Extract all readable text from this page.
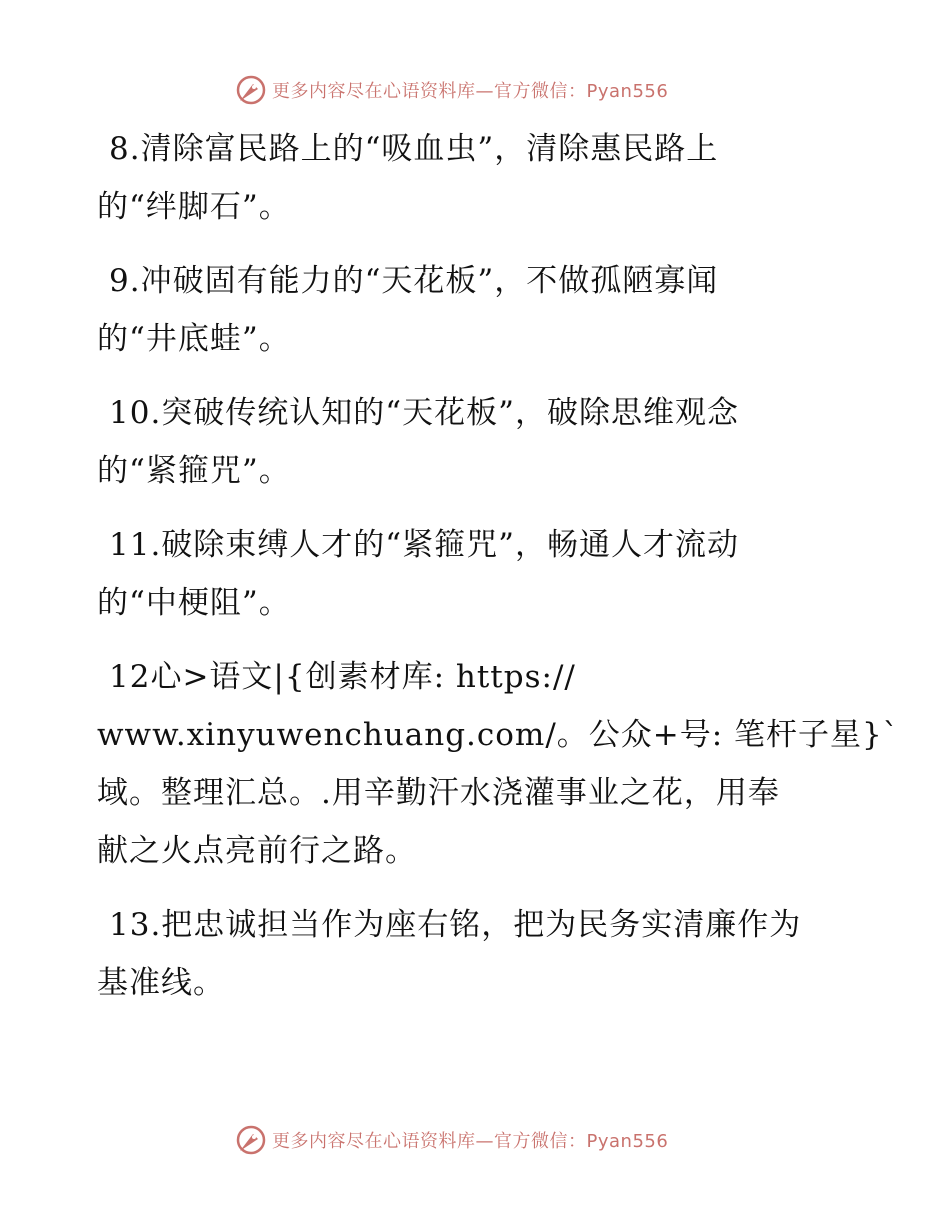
更多内容尽在心语资料库—官方微信：Pyan556
8.清除富民路上的“吸血虫”，清除惠民路上
的“绊脚石”。
9.冲破固有能力的“天花板”，不做孤陋寡闻
的“井底蛙”。
10.突破传统认知的“天花板”，破除思维观念
的“紧箍咒”。
11.破除束缚人才的“紧箍咒”，畅通人才流动
的“中梗阻”。
12心>语文|{创素材库: https://
www.xinyuwenchuang.com/。公众+号: 笔杆子星}`
域。整理汇总。.用辛勤汗水浇灌事业之花，用奉
献之火点亮前行之路。
13.把忠诚担当作为座右铭，把为民务实清廉作为
基准线。
更多内容尽在心语资料库—官方微信：Pyan556
